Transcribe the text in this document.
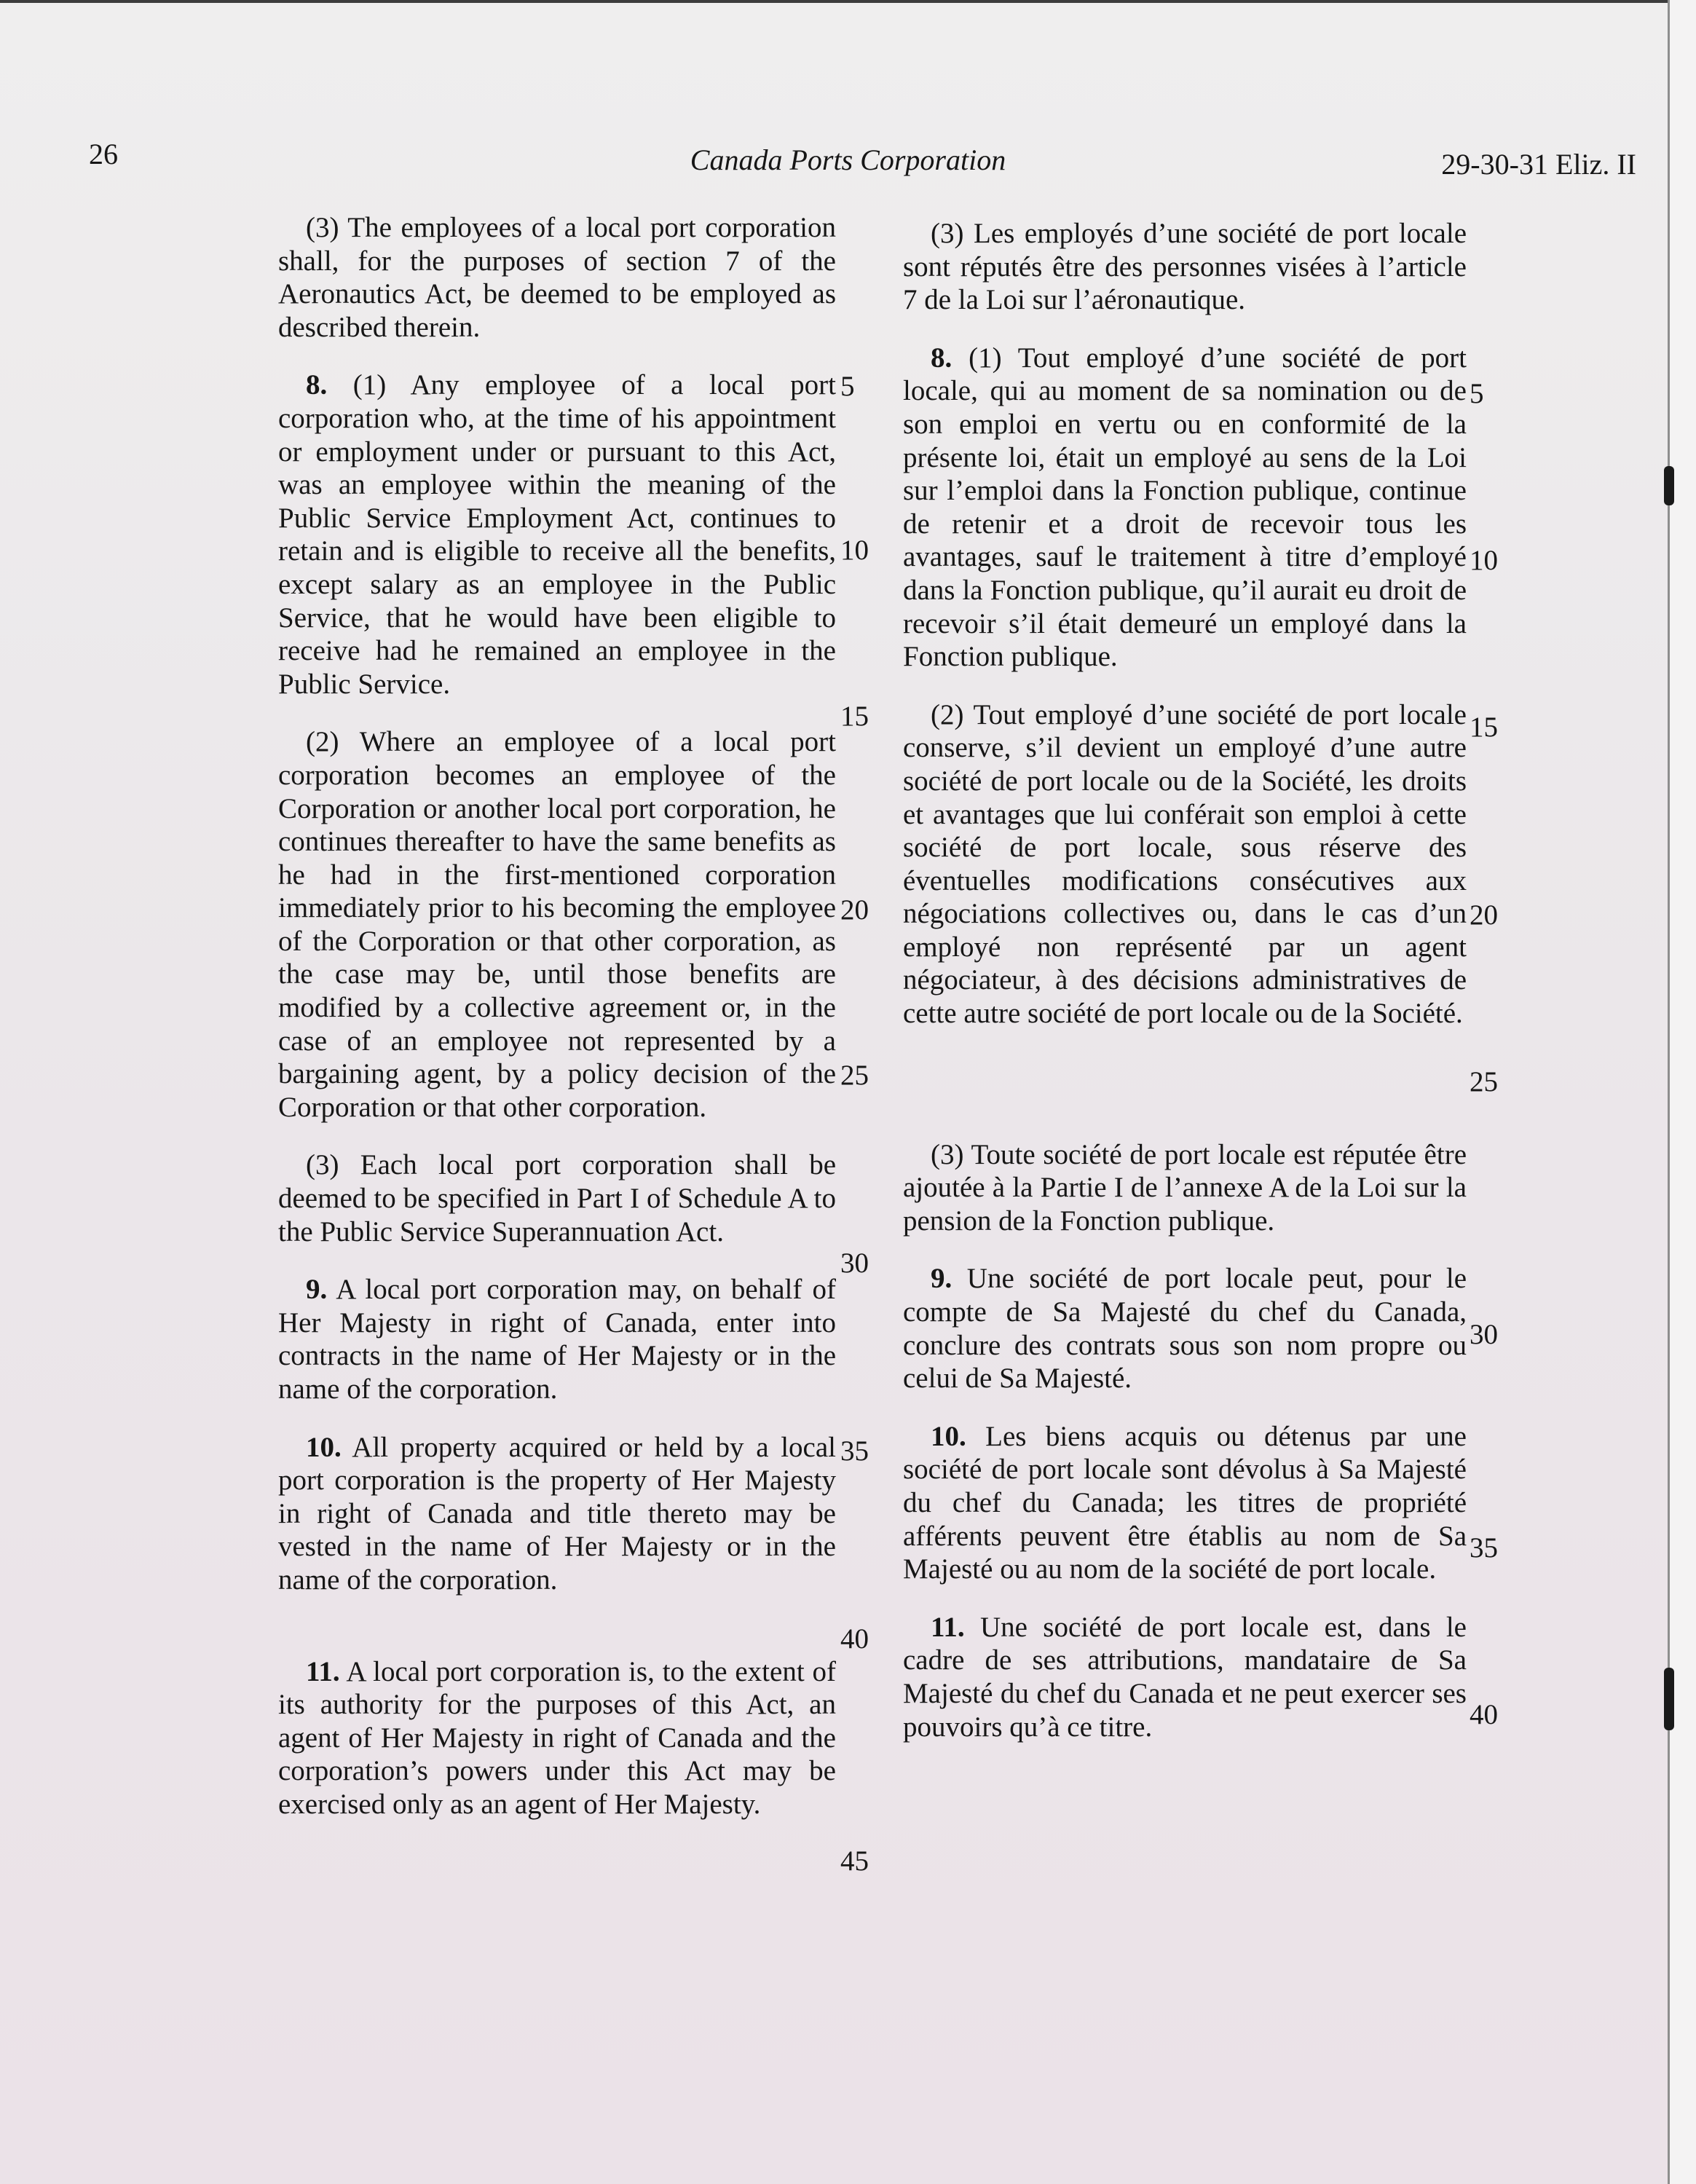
26	Canada Ports Corporation	29-30-31 Eliz. II

(3) The employees of a local port corporation shall, for the purposes of section 7 of the Aeronautics Act, be deemed to be employed as described therein.

8. (1) Any employee of a local port corporation who, at the time of his appointment or employment under or pursuant to this Act, was an employee within the meaning of the Public Service Employment Act, continues to retain and is eligible to receive all the benefits, except salary as an employee in the Public Service, that he would have been eligible to receive had he remained an employee in the Public Service.

(2) Where an employee of a local port corporation becomes an employee of the Corporation or another local port corporation, he continues thereafter to have the same benefits as he had in the first-mentioned corporation immediately prior to his becoming the employee of the Corporation or that other corporation, as the case may be, until those benefits are modified by a collective agreement or, in the case of an employee not represented by a bargaining agent, by a policy decision of the Corporation or that other corporation.

(3) Each local port corporation shall be deemed to be specified in Part I of Schedule A to the Public Service Superannuation Act.

9. A local port corporation may, on behalf of Her Majesty in right of Canada, enter into contracts in the name of Her Majesty or in the name of the corporation.

10. All property acquired or held by a local port corporation is the property of Her Majesty in right of Canada and title thereto may be vested in the name of Her Majesty or in the name of the corporation.

11. A local port corporation is, to the extent of its authority for the purposes of this Act, an agent of Her Majesty in right of Canada and the corporation’s powers under this Act may be exercised only as an agent of Her Majesty.

(3) Les employés d’une société de port locale sont réputés être des personnes visées à l’article 7 de la Loi sur l’aéronautique.

8. (1) Tout employé d’une société de port locale, qui au moment de sa nomination ou de son emploi en vertu ou en conformité de la présente loi, était un employé au sens de la Loi sur l’emploi dans la Fonction publique, continue de retenir et a droit de recevoir tous les avantages, sauf le traitement à titre d’employé dans la Fonction publique, qu’il aurait eu droit de recevoir s’il était demeuré un employé dans la Fonction publique.

(2) Tout employé d’une société de port locale conserve, s’il devient un employé d’une autre société de port locale ou de la Société, les droits et avantages que lui conférait son emploi à cette société de port locale, sous réserve des éventuelles modifications consécutives aux négociations collectives ou, dans le cas d’un employé non représenté par un agent négociateur, à des décisions administratives de cette autre société de port locale ou de la Société.

(3) Toute société de port locale est réputée être ajoutée à la Partie I de l’annexe A de la Loi sur la pension de la Fonction publique.

9. Une société de port locale peut, pour le compte de Sa Majesté du chef du Canada, conclure des contrats sous son nom propre ou celui de Sa Majesté.

10. Les biens acquis ou détenus par une société de port locale sont dévolus à Sa Majesté du chef du Canada; les titres de propriété afférents peuvent être établis au nom de Sa Majesté ou au nom de la société de port locale.

11. Une société de port locale est, dans le cadre de ses attributions, mandataire de Sa Majesté du chef du Canada et ne peut exercer ses pouvoirs qu’à ce titre.

5
10
15
20
25
30
35
40
45
5
10
15
20
25
30
35
40
